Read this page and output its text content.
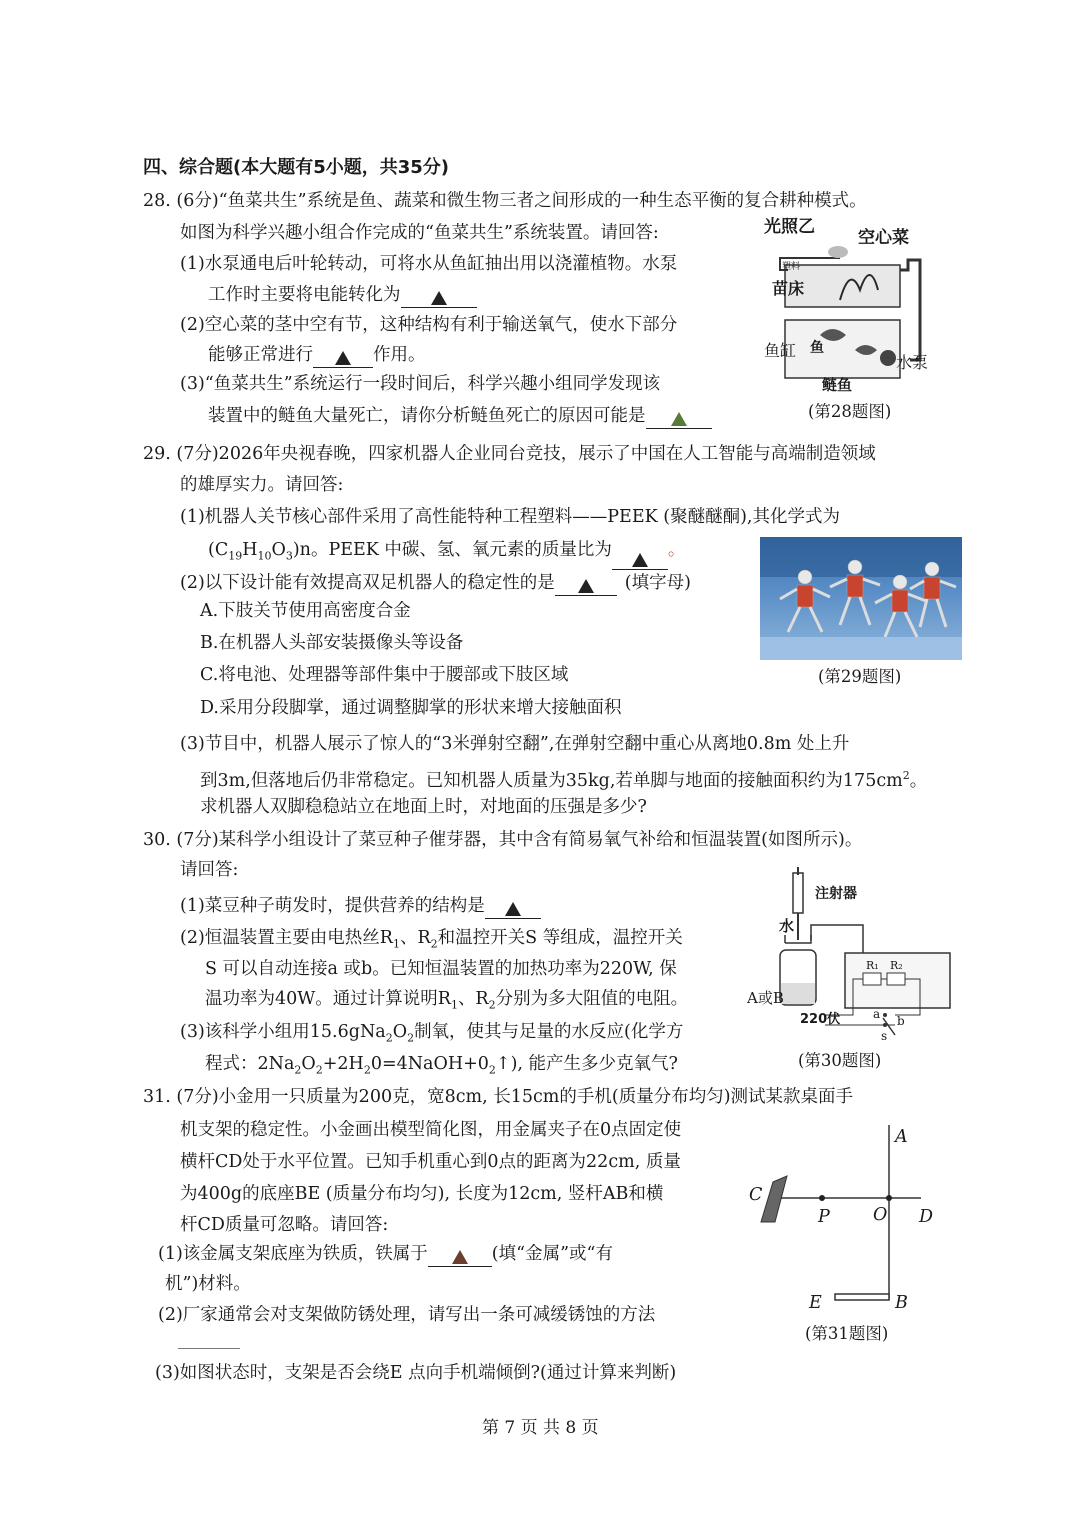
四、综合题(本大题有5小题，共35分)
28. (6分)“鱼菜共生”系统是鱼、蔬菜和微生物三者之间形成的一种生态平衡的复合耕种模式。
如图为科学兴趣小组合作完成的“鱼菜共生”系统装置。请回答:
(1)水泵通电后叶轮转动，可将水从鱼缸抽出用以浇灌植物。水泵
工作时主要将电能转化为
(2)空心菜的茎中空有节，这种结构有利于输送氧气，使水下部分
能够正常进行	作用。
(3)“鱼菜共生”系统运行一段时间后，科学兴趣小组同学发现该
装置中的鲢鱼大量死亡，请你分析鲢鱼死亡的原因可能是
光照乙
空心菜
塑料
苗床
鱼缸 鱼
水泵
鲢鱼
(第28题图)
29. (7分)2026年央视春晚，四家机器人企业同台竞技，展示了中国在人工智能与高端制造领域
的雄厚实力。请回答:
(1)机器人关节核心部件采用了高性能特种工程塑料——PEEK (聚醚醚酮),其化学式为
$(C_{19}H_{10}O_3)n$。PEEK 中碳、氢、氧元素的质量比为	。
(2)以下设计能有效提高双足机器人的稳定性的是	(填字母)
A.下肢关节使用高密度合金
B.在机器人头部安装摄像头等设备
C.将电池、处理器等部件集中于腰部或下肢区域
D.采用分段脚掌，通过调整脚掌的形状来增大接触面积
(3)节目中，机器人展示了惊人的“3米弹射空翻”,在弹射空翻中重心从离地0.8m 处上升
到3m,但落地后仍非常稳定。已知机器人质量为35kg,若单脚与地面的接触面积约为$175cm^2$。
求机器人双脚稳稳站立在地面上时，对地面的压强是多少?
(第29题图)
30. (7分)某科学小组设计了菜豆种子催芽器，其中含有简易氧气补给和恒温装置(如图所示)。
请回答:
(1)菜豆种子萌发时，提供营养的结构是
(2)恒温装置主要由电热丝$R_1$、$R_2$和温控开关S 等组成，温控开关
S 可以自动连接a 或b。已知恒温装置的加热功率为220W, 保
温功率为40W。通过计算说明$R_1$、$R_2$分别为多大阻值的电阻。
(3)该科学小组用$15.6gNa_2O_2$制氧，使其与足量的水反应(化学方
程式：$2Na_2O_2+2H_20=4NaOH+0_2↑$), 能产生多少克氧气?
注射器
水
A或B
220伏
R₁ R₂
a b
s
(第30题图)
31. (7分)小金用一只质量为200克，宽8cm, 长15cm的手机(质量分布均匀)测试某款桌面手
机支架的稳定性。小金画出模型简化图，用金属夹子在0点固定使
横杆CD处于水平位置。已知手机重心到0点的距离为22cm, 质量
为400g的底座BE (质量分布均匀), 长度为12cm, 竖杆AB和横
杆CD质量可忽略。请回答:
(1)该金属支架底座为铁质，铁属于	(填“金属”或“有
机”)材料。
(2)厂家通常会对支架做防锈处理，请写出一条可减缓锈蚀的方法
(3)如图状态时，支架是否会绕E 点向手机端倾倒?(通过计算来判断)
A
C
P O D
E	B
(第31题图)
第 7 页 共 8 页
